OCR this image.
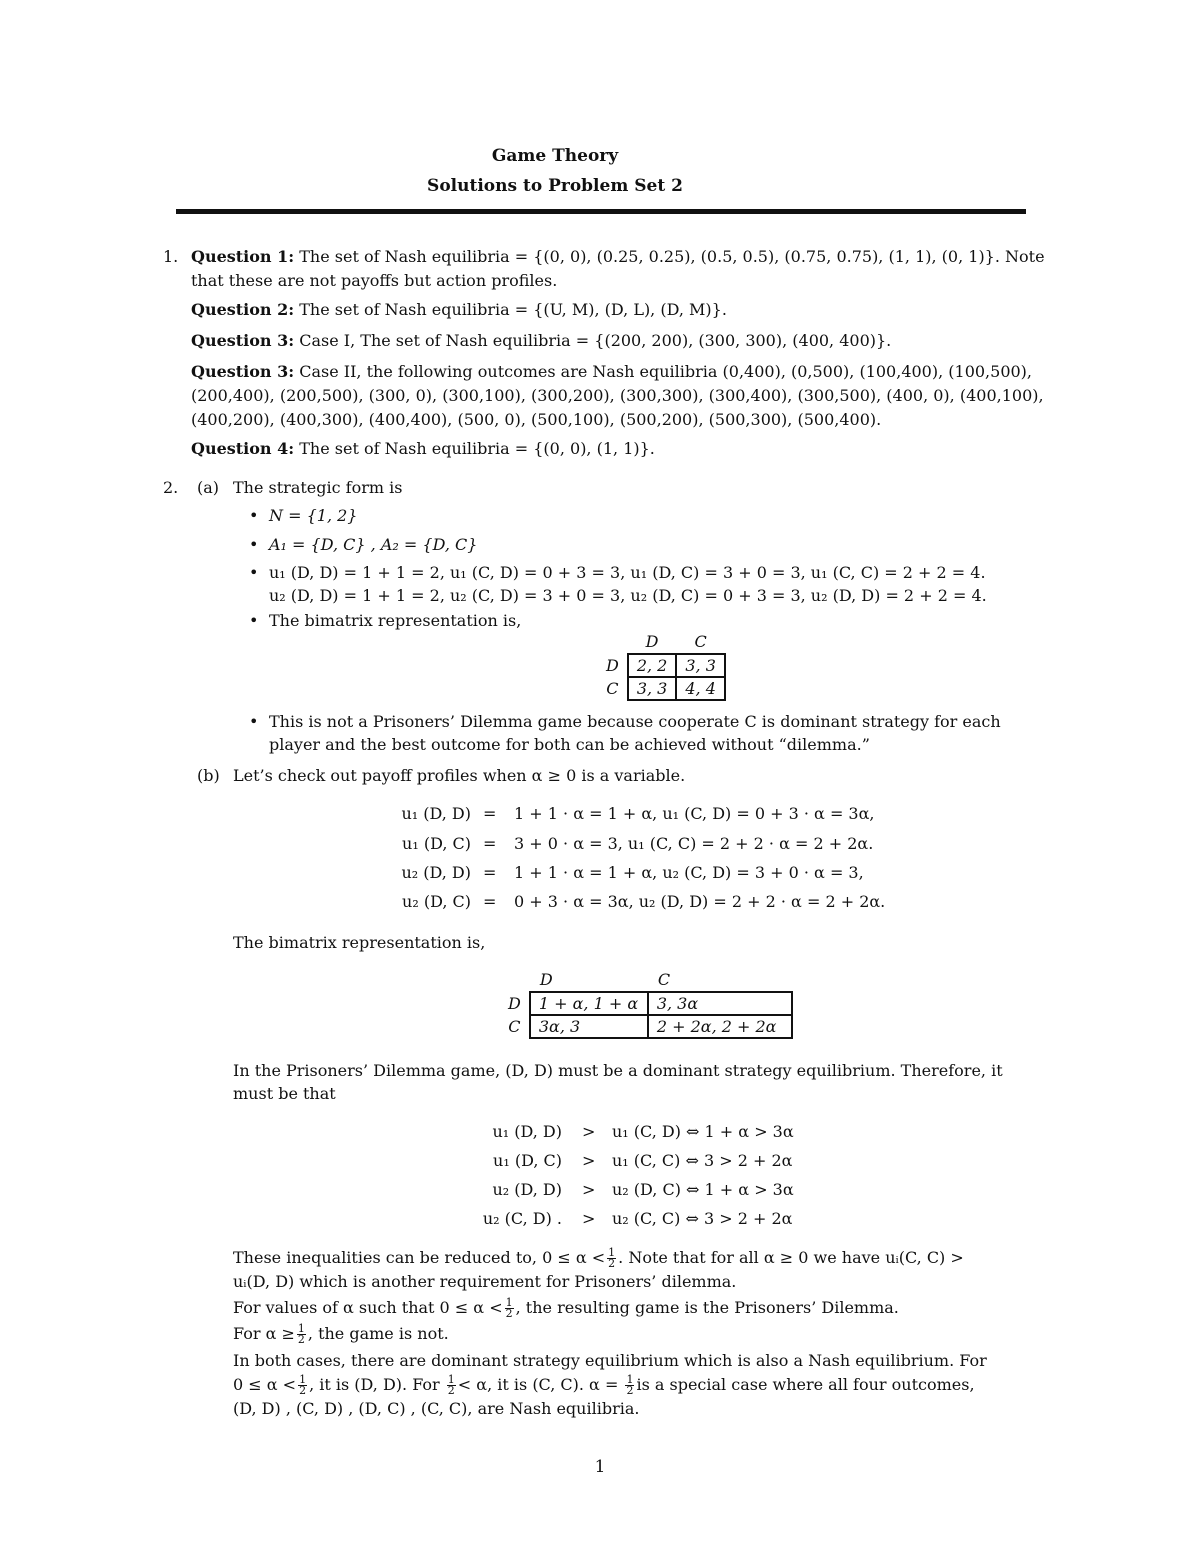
Game Theory
Solutions to Problem Set 2
1. Question 1: The set of Nash equilibria = {(0, 0), (0.25, 0.25), (0.5, 0.5), (0.75, 0.75), (1, 1), (0, 1)}. Note
that these are not payoffs but action profiles.
Question 2: The set of Nash equilibria = {(U, M), (D, L), (D, M)}.
Question 3: Case I, The set of Nash equilibria = {(200, 200), (300, 300), (400, 400)}.
Question 3: Case II, the following outcomes are Nash equilibria (0,400), (0,500), (100,400), (100,500),
(200,400), (200,500), (300, 0), (300,100), (300,200), (300,300), (300,400), (300,500), (400, 0), (400,100),
(400,200), (400,300), (400,400), (500, 0), (500,100), (500,200), (500,300), (500,400).
Question 4: The set of Nash equilibria = {(0, 0), (1, 1)}.
2. (a) The strategic form is
• N = {1, 2}
• A₁ = {D, C} , A₂ = {D, C}
• u₁ (D, D) = 1 + 1 = 2, u₁ (C, D) = 0 + 3 = 3, u₁ (D, C) = 3 + 0 = 3, u₁ (C, C) = 2 + 2 = 4.
u₂ (D, D) = 1 + 1 = 2, u₂ (C, D) = 3 + 0 = 3, u₂ (D, C) = 0 + 3 = 3, u₂ (D, D) = 2 + 2 = 4.
• The bimatrix representation is,
	D	C
D	2, 2	3, 3
C	3, 3	4, 4
• This is not a Prisoners’ Dilemma game because cooperate C is dominant strategy for each
player and the best outcome for both can be achieved without “dilemma.”
(b) Let’s check out payoff profiles when α ≥ 0 is a variable.
u₁ (D, D) = 1 + 1 · α = 1 + α, u₁ (C, D) = 0 + 3 · α = 3α,
u₁ (D, C) = 3 + 0 · α = 3, u₁ (C, C) = 2 + 2 · α = 2 + 2α.
u₂ (D, D) = 1 + 1 · α = 1 + α, u₂ (C, D) = 3 + 0 · α = 3,
u₂ (D, C) = 0 + 3 · α = 3α, u₂ (D, D) = 2 + 2 · α = 2 + 2α.
The bimatrix representation is,
	D	C
D	1 + α, 1 + α	3, 3α
C	3α, 3	2 + 2α, 2 + 2α
In the Prisoners’ Dilemma game, (D, D) must be a dominant strategy equilibrium. Therefore, it
must be that
u₁ (D, D) > u₁ (C, D) ⇔ 1 + α > 3α
u₁ (D, C) > u₁ (C, C) ⇔ 3 > 2 + 2α
u₂ (D, D) > u₂ (D, C) ⇔ 1 + α > 3α
u₂ (C, D) . > u₂ (C, C) ⇔ 3 > 2 + 2α
These inequalities can be reduced to, $0 \le \alpha < \frac{1}{2}$ . Note that for all α ≥ 0 we have uᵢ(C, C) >
uᵢ(D, D) which is another requirement for Prisoners’ dilemma.
For values of α such that $0 \le \alpha < \frac{1}{2}$ , the resulting game is the Prisoners’ Dilemma.
For $\alpha \ge \frac{1}{2}$ , the game is not.
In both cases, there are dominant strategy equilibrium which is also a Nash equilibrium. For
$0 \le \alpha < \frac{1}{2}$ , it is (D, D). For $\frac{1}{2} < \alpha$, it is (C, C). $\alpha = \frac{1}{2}$ is a special case where all four outcomes,
(D, D) , (C, D) , (D, C) , (C, C), are Nash equilibria.
1
